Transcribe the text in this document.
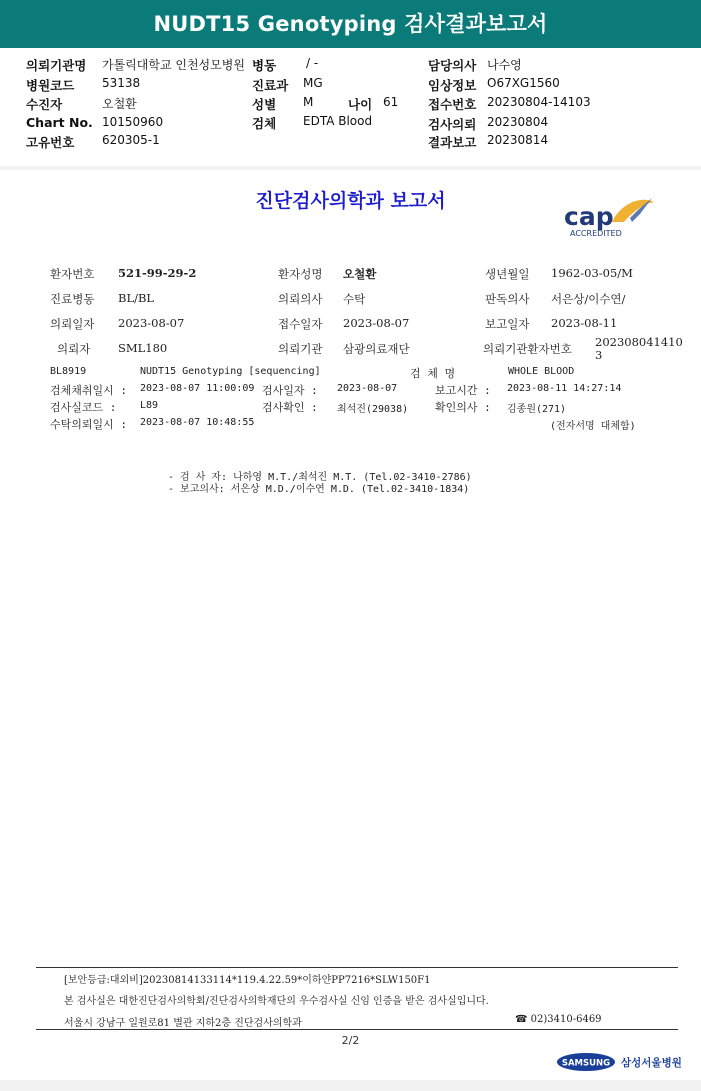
NUDT15 Genotyping 검사결과보고서
의뢰기관명 가톨릭대학교 인천성모병원 병동 / -	담당의사 나수영
병원코드 53138	진료과 MG	임상정보 O67XG1560
수진자	오철환	성별 M	나이 61 접수번호 20230804-14103
Chart No. 10150960	검체 EDTA Blood	검사의뢰 20230804
고유번호 620305-1	결과보고 20230814
진단검사의학과 보고서
cap
ACCREDITED
환자번호 521-99-29-2	환자성명 오철환	생년월일 1962-03-05/M
진료병동 BL/BL	의뢰의사 수탁	판독의사 서은상/이수연/
의뢰일자 2023-08-07	접수일자 2023-08-07	보고일자 2023-08-11
의뢰자 SML180	의뢰기관 삼광의료재단	의뢰기관환자번호 202308041410
3
BL8919	NUDT15 Genotyping [sequencing]	검 체 명	WHOLE BLOOD
검체채취일시 : 2023-08-07 11:00:09 검사일자 : 2023-08-07	보고시간 : 2023-08-11 14:27:14
검사실코드 : L89	검사확인 : 최석진(29038) 확인의사 : 김종원(271)
수탁의뢰일시 : 2023-08-07 10:48:55	(전자서명 대체함)
- 검 사 자: 나하영 M.T./최석진 M.T. (Tel.02-3410-2786)
- 보고의사: 서은상 M.D./이수연 M.D. (Tel.02-3410-1834)
[보안등급:대외비]20230814133114*119.4.22.59*이하얀PP7216*SLW150F1
본 검사실은 대한진단검사의학회/진단검사의학재단의 우수검사실 신임 인증을 받은 검사실입니다.
서울시 강남구 일원로81 별관 지하2층 진단검사의학과	☎ 02)3410-6469
2/2
SAMSUNG 삼성서울병원
